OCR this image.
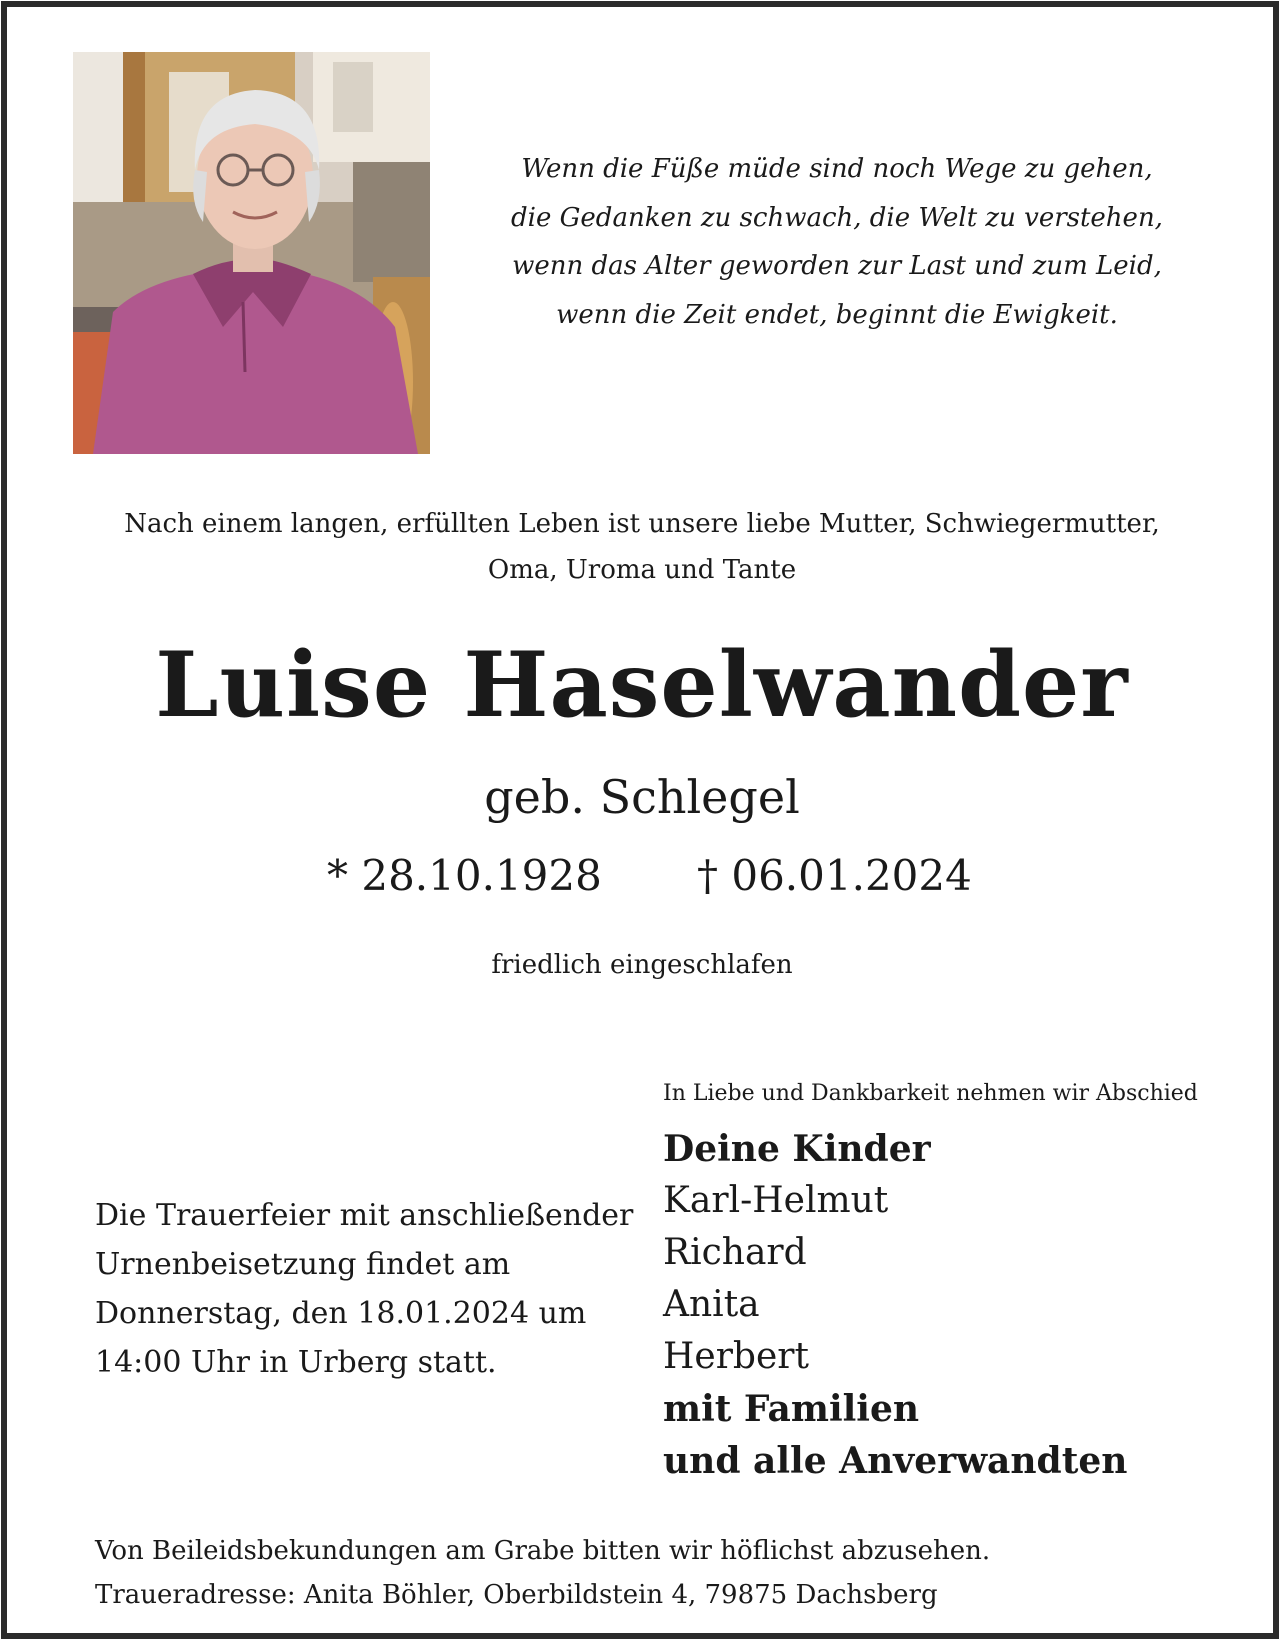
Wenn die Füße müde sind noch Wege zu gehen,
die Gedanken zu schwach, die Welt zu verstehen,
wenn das Alter geworden zur Last und zum Leid,
wenn die Zeit endet, beginnt die Ewigkeit.
Nach einem langen, erfüllten Leben ist unsere liebe Mutter, Schwiegermutter,
Oma, Uroma und Tante
Luise Haselwander
geb. Schlegel
* 28.10.1928 † 06.01.2024
friedlich eingeschlafen
In Liebe und Dankbarkeit nehmen wir Abschied
Deine Kinder
Karl-Helmut
Richard
Anita
Herbert
mit Familien
und alle Anverwandten
Die Trauerfeier mit anschließender
Urnenbeisetzung findet am
Donnerstag, den 18.01.2024 um
14:00 Uhr in Urberg statt.
Von Beileidsbekundungen am Grabe bitten wir höflichst abzusehen.
Traueradresse: Anita Böhler, Oberbildstein 4, 79875 Dachsberg
